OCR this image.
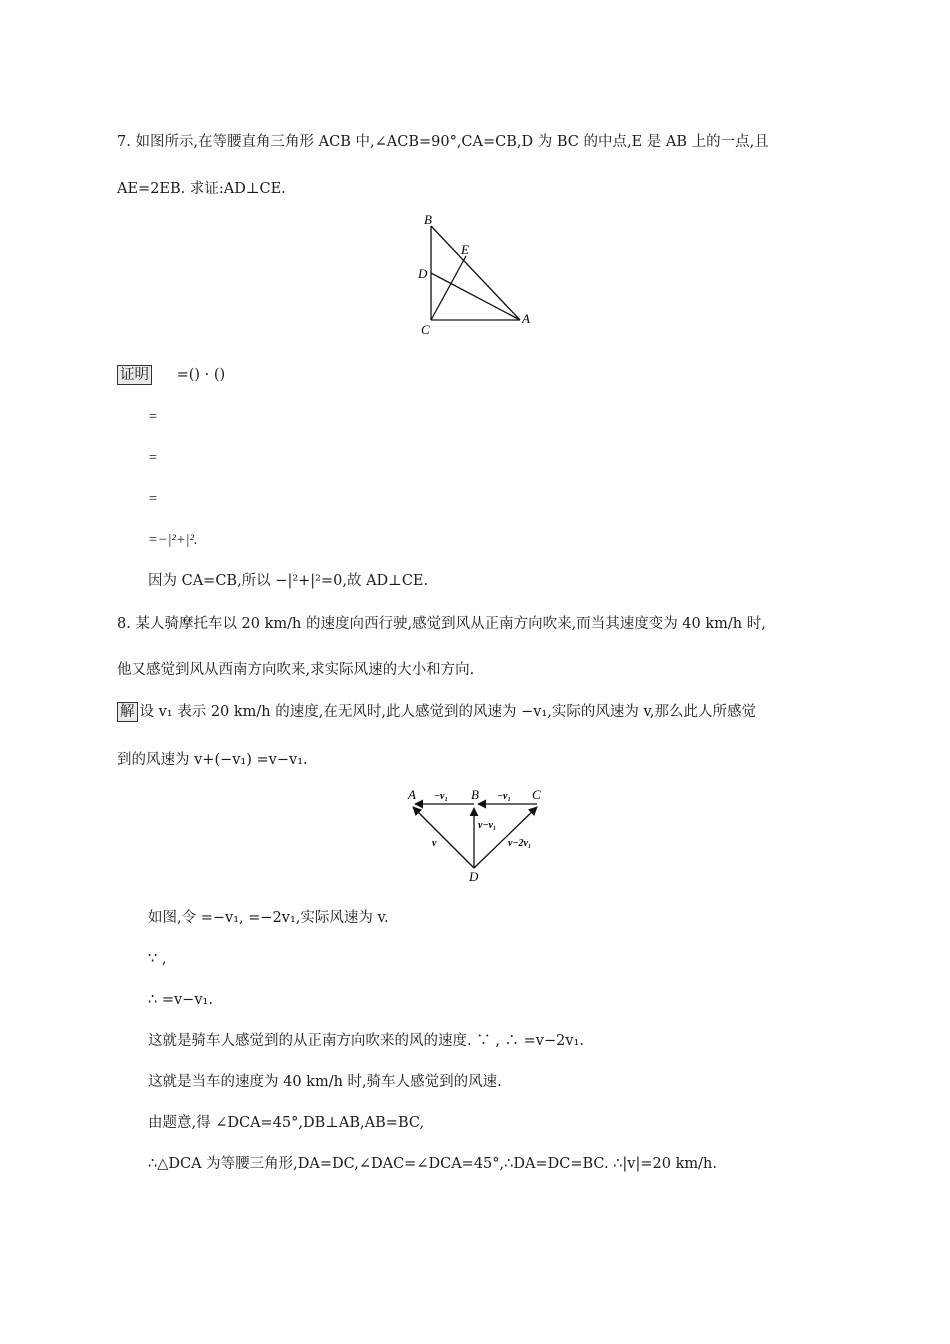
7. 如图所示,在等腰直角三角形 ACB 中,∠ACB=90°,CA=CB,D 为 BC 的中点,E 是 AB 上的一点,且
AE=2EB. 求证:AD⊥CE.
B
E
D
C
A
证明 =() · ()
=
=
=
=−|²+|².
因为 CA=CB,所以 −|²+|²=0,故 AD⊥CE.
8. 某人骑摩托车以 20 km/h 的速度向西行驶,感觉到风从正南方向吹来,而当其速度变为 40 km/h 时,
他又感觉到风从西南方向吹来,求实际风速的大小和方向.
解 设 v₁ 表示 20 km/h 的速度,在无风时,此人感觉到的风速为 −v₁,实际的风速为 v,那么此人所感觉
到的风速为 v+(−v₁) =v−v₁.
A	B	C
D
−v₁	−v₁
v−v₁
v−2v₁
v
如图,令 =−v₁, =−2v₁,实际风速为 v.
∵ ,
∴ =v−v₁.
这就是骑车人感觉到的从正南方向吹来的风的速度. ∵ , ∴ =v−2v₁.
这就是当车的速度为 40 km/h 时,骑车人感觉到的风速.
由题意,得 ∠DCA=45°,DB⊥AB,AB=BC,
∴△DCA 为等腰三角形,DA=DC,∠DAC=∠DCA=45°,∴DA=DC=BC. ∴|v|=20 km/h.
